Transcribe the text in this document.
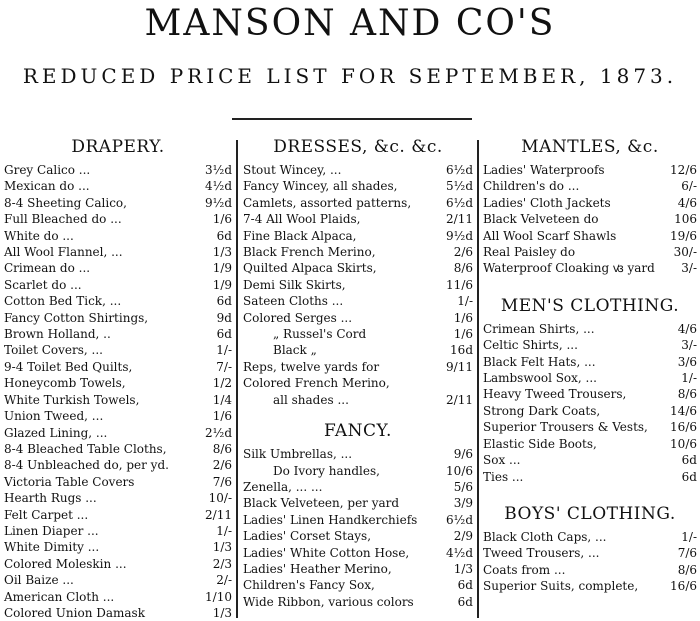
MANSON AND CO'S
REDUCED PRICE LIST FOR SEPTEMBER, 1873.
DRAPERY.
Grey Calico ...	3½d
Mexican do ...	4½d
8-4 Sheeting Calico,	9½d
Full Bleached do ...	1/6
White do ...	6d
All Wool Flannel, ...	1/3
Crimean do ...	1/9
Scarlet do ...	1/9
Cotton Bed Tick, ...	6d
Fancy Cotton Shirtings,	9d
Brown Holland, ..	6d
Toilet Covers, ...	1/-
9-4 Toilet Bed Quilts,	7/-
Honeycomb Towels,	1/2
White Turkish Towels,	1/4
Union Tweed, ...	1/6
Glazed Lining, ...	2½d
8-4 Bleached Table Cloths,	8/6
8-4 Unbleached do, per yd.	2/6
Victoria Table Covers	7/6
Hearth Rugs ...	10/-
Felt Carpet ...	2/11
Linen Diaper ...	1/-
White Dimity ...	1/3
Colored Moleskin ...	2/3
Oil Baize ...	2/-
American Cloth ...	1/10
Colored Union Damask	1/3
DRESSES, &c. &c.
Stout Wincey, ...	6½d
Fancy Wincey, all shades,	5½d
Camlets, assorted patterns,	6½d
7-4 All Wool Plaids,	2/11
Fine Black Alpaca,	9½d
Black French Merino,	2/6
Quilted Alpaca Skirts,	8/6
Demi Silk Skirts,	11/6
Sateen Cloths ...	1/-
Colored Serges ...	1/6
„ Russel's Cord	1/6
Black „	16d
Reps, twelve yards for	9/11
Colored French Merino,
all shades ...	2/11
FANCY.
Silk Umbrellas, ...	9/6
Do Ivory handles,	10/6
Zenella, ... ...	5/6
Black Velveteen, per yard	3/9
Ladies' Linen Handkerchiefs	6½d
Ladies' Corset Stays,	2/9
Ladies' White Cotton Hose,	4½d
Ladies' Heather Merino,	1/3
Children's Fancy Sox,	6d
Wide Ribbon, various colors	6d
MANTLES, &c.
Ladies' Waterproofs	12/6
Children's do ...	6/-
Ladies' Cloth Jackets	4/6
Black Velveteen do	106
All Wool Scarf Shawls	19/6
Real Paisley do	30/-
Waterproof Cloaking ꟃ yard	3/-
MEN'S CLOTHING.
Crimean Shirts, ...	4/6
Celtic Shirts, ...	3/-
Black Felt Hats, ...	3/6
Lambswool Sox, ...	1/-
Heavy Tweed Trousers,	8/6
Strong Dark Coats,	14/6
Superior Trousers & Vests,	16/6
Elastic Side Boots,	10/6
Sox ...	6d
Ties ...	6d
BOYS' CLOTHING.
Black Cloth Caps, ...	1/-
Tweed Trousers, ...	7/6
Coats from ...	8/6
Superior Suits, complete,	16/6
